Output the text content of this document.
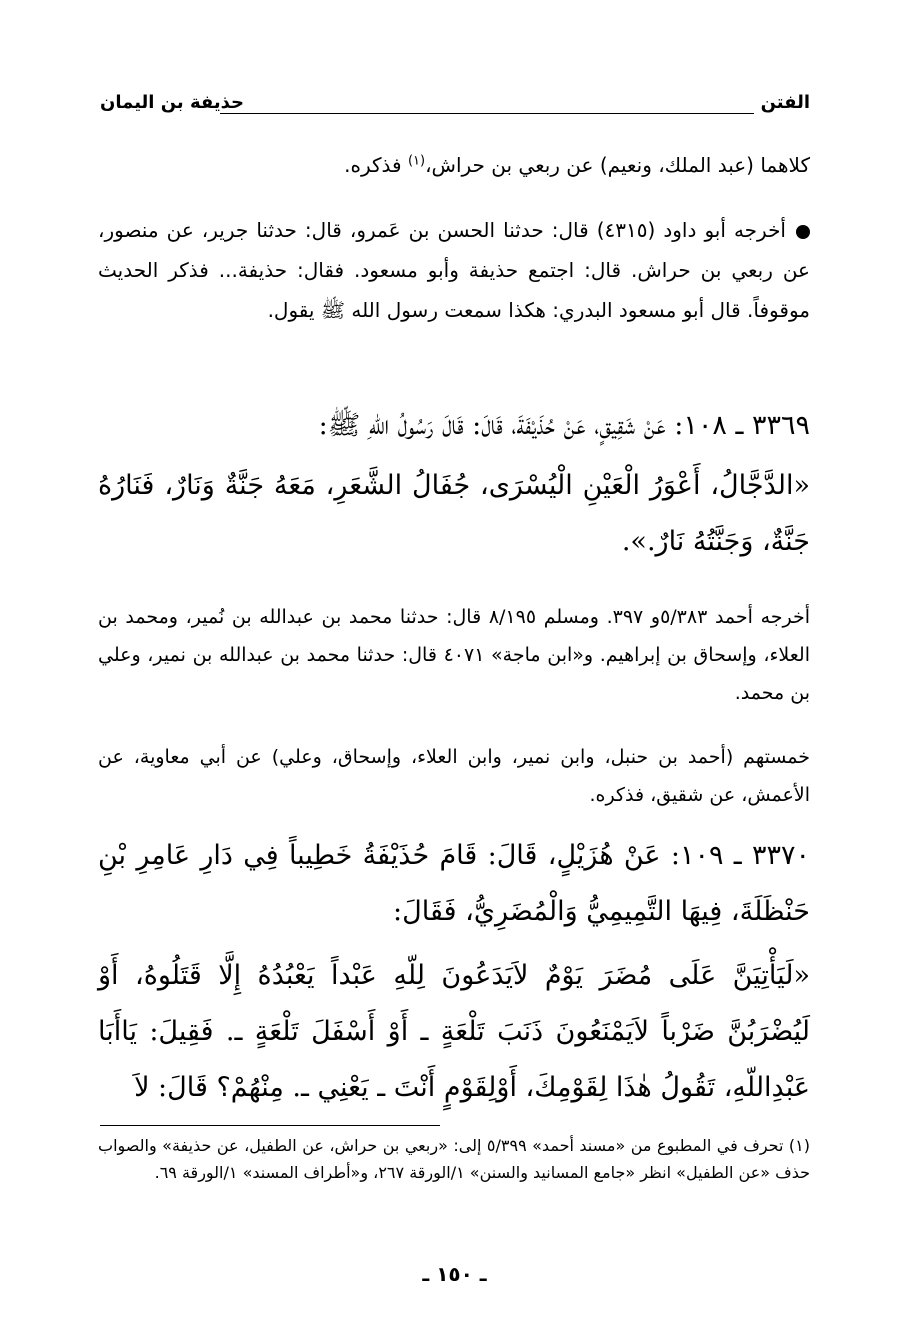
الفتن
حذيفة بن اليمان

كلاهما (عبد الملك، ونعيم) عن ربعي بن حراش،$^{(١)}$ فذكره.

أخرجه أبو داود (٤٣١٥) قال: حدثنا الحسن بن عَمرو، قال: حدثنا جرير، عن منصور، عن ربعي بن حراش. قال: اجتمع حذيفة وأبو مسعود. فقال: حذيفة... فذكر الحديث موقوفاً. قال أبو مسعود البدري: هكذا سمعت رسول الله ﷺ يقول.

٣٣٦٩ ـ ١٠٨: عَنْ شَقِيقٍ، عَنْ حُذَيْفَةَ، قَالَ: قَالَ رَسُولُ اللّهِ ﷺ:

«الدَّجَّالُ، أَعْوَرُ الْعَيْنِ الْيُسْرَى، جُفَالُ الشَّعَرِ، مَعَهُ جَنَّةٌ وَنَارٌ، فَنَارُهُ جَنَّةٌ، وَجَنَّتُهُ نَارٌ.».

أخرجه أحمد ٥/٣٨٣و ٣٩٧. ومسلم ٨/١٩٥ قال: حدثنا محمد بن عبدالله بن نُمير، ومحمد بن العلاء، وإسحاق بن إبراهيم. و«ابن ماجة» ٤٠٧١ قال: حدثنا محمد بن عبدالله بن نمير، وعلي بن محمد.

خمستهم (أحمد بن حنبل، وابن نمير، وابن العلاء، وإسحاق، وعلي) عن أبي معاوية، عن الأعمش، عن شقيق، فذكره.

٣٣٧٠ ـ ١٠٩: عَنْ هُزَيْلٍ، قَالَ: قَامَ حُذَيْفَةُ خَطِيباً فِي دَارِ عَامِرِ بْنِ حَنْظَلَةَ، فِيهَا التَّمِيمِيُّ وَالْمُضَرِيُّ، فَقَالَ:

«لَيَأْتِيَنَّ عَلَى مُضَرَ يَوْمٌ لاَيَدَعُونَ لِلّهِ عَبْداً يَعْبُدُهُ إِلَّا قَتَلُوهُ، أَوْ لَيُضْرَبُنَّ ضَرْباً لاَيَمْنَعُونَ ذَنَبَ تَلْعَةٍ ـ أَوْ أَسْفَلَ تَلْعَةٍ ـ. فَقِيلَ: يَاأَبَا عَبْدِاللّهِ، تَقُولُ هٰذَا لِقَوْمِكَ، أَوْلِقَوْمٍ أَنْتَ ـ يَعْنِي ـ. مِنْهُمْ؟ قَالَ: لاَ

(١) تحرف في المطبوع من «مسند أحمد» ٥/٣٩٩ إلى: «ربعي بن حراش، عن الطفيل، عن حذيفة» والصواب حذف «عن الطفيل» انظر «جامع المسانيد والسنن» ١/الورقة ٢٦٧، و«أطراف المسند» ١/الورقة ٦٩.

ـ ١٥٠ ـ
